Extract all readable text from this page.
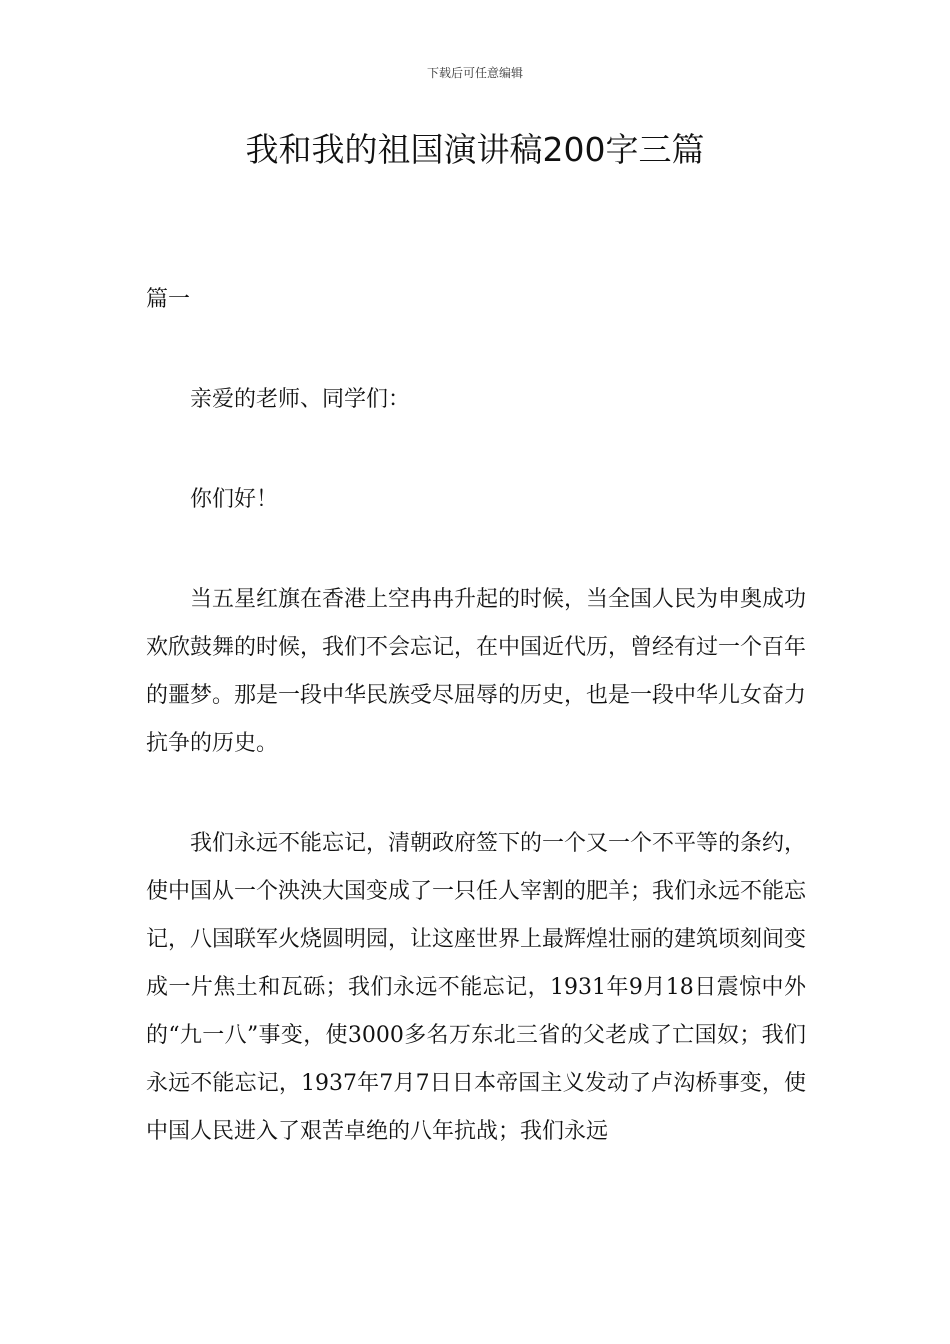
下载后可任意编辑
我和我的祖国演讲稿200字三篇

篇一

亲爱的老师、同学们：

你们好！

当五星红旗在香港上空冉冉升起的时候，当全国人民为申奥成功欢欣鼓舞的时候，我们不会忘记，在中国近代历，曾经有过一个百年的噩梦。那是一段中华民族受尽屈辱的历史，也是一段中华儿女奋力抗争的历史。

我们永远不能忘记，清朝政府签下的一个又一个不平等的条约，使中国从一个泱泱大国变成了一只任人宰割的肥羊；我们永远不能忘记，八国联军火烧圆明园，让这座世界上最辉煌壮丽的建筑顷刻间变成一片焦土和瓦砾；我们永远不能忘记，1931年9月18日震惊中外的“九一八”事变，使3000多名万东北三省的父老成了亡国奴；我们永远不能忘记，1937年7月7日日本帝国主义发动了卢沟桥事变，使中国人民进入了艰苦卓绝的八年抗战；我们永远
